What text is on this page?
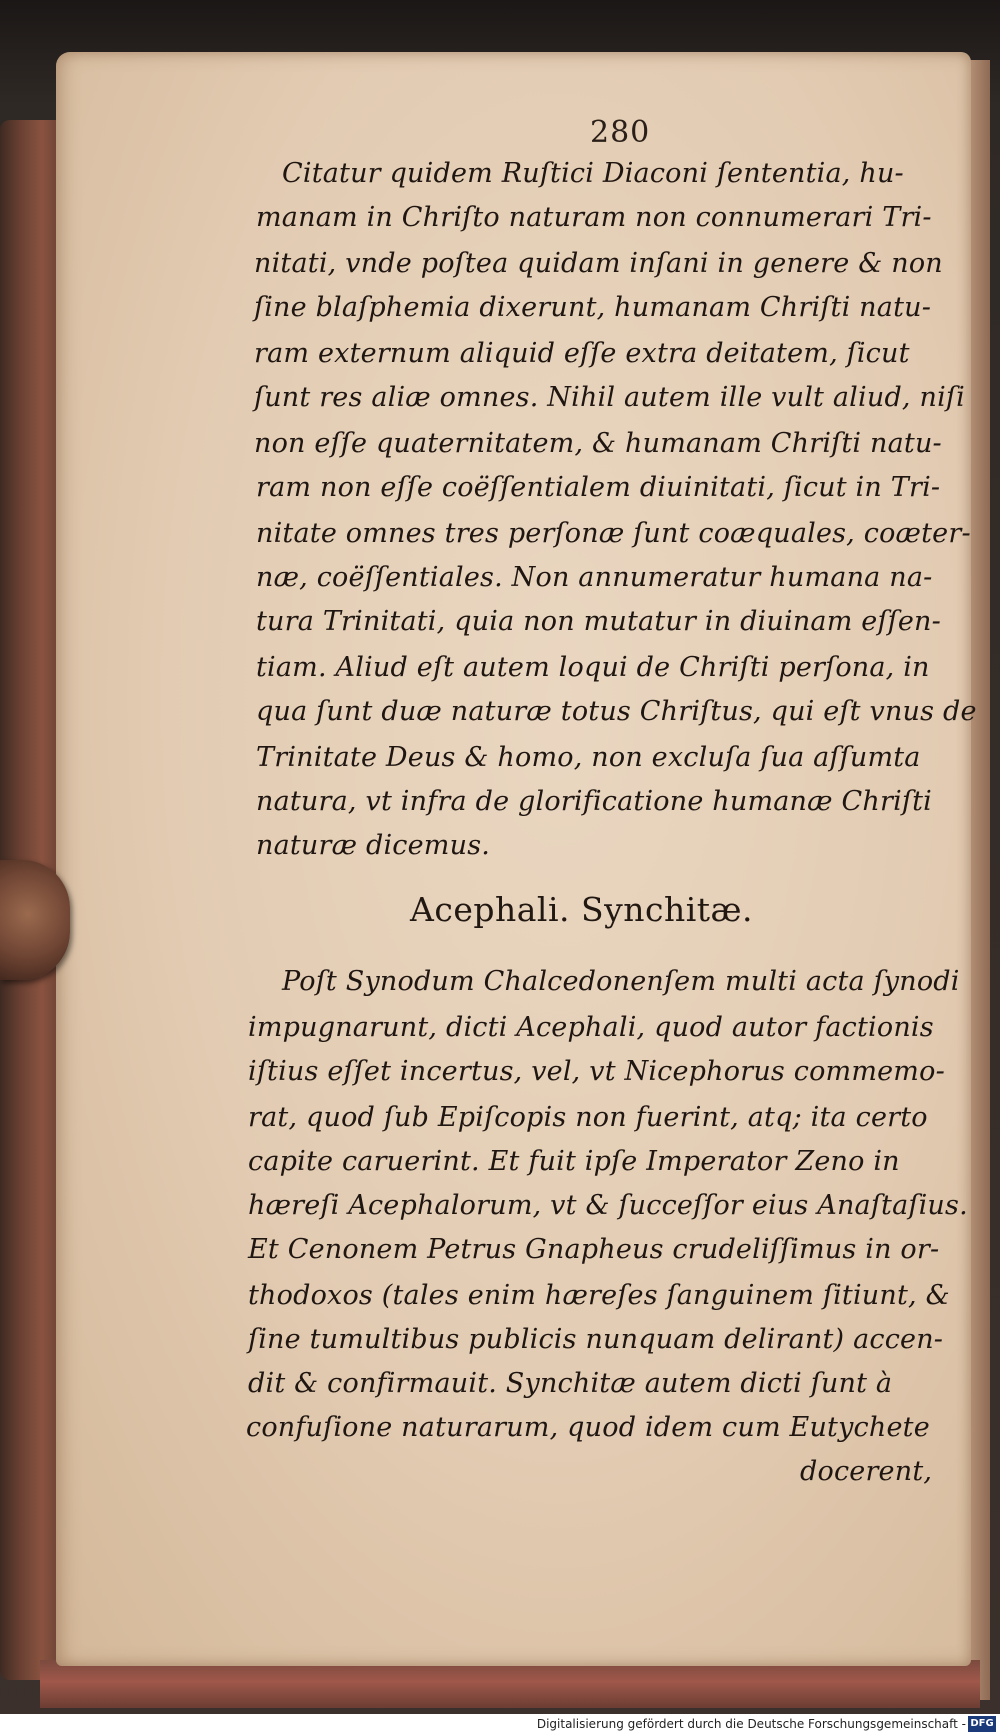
280
Citatur quidem Ruſtici Diaconi ſententia, hu-
manam in Chriſto naturam non connumerari Tri-
nitati, vnde poſtea quidam inſani in genere & non
ſine blaſphemia dixerunt, humanam Chriſti natu-
ram externum aliquid eſſe extra deitatem, ſicut
ſunt res aliæ omnes. Nihil autem ille vult aliud, niſi
non eſſe quaternitatem, & humanam Chriſti natu-
ram non eſſe coëſſentialem diuinitati, ſicut in Tri-
nitate omnes tres perſonæ ſunt coæquales, coæter-
næ, coëſſentiales. Non annumeratur humana na-
tura Trinitati, quia non mutatur in diuinam eſſen-
tiam. Aliud eſt autem loqui de Chriſti perſona, in
qua ſunt duæ naturæ totus Chriſtus, qui eſt vnus de
Trinitate Deus & homo, non excluſa ſua aſſumta
natura, vt infra de glorificatione humanæ Chriſti
naturæ dicemus.
Acephali. Synchitæ.
Poſt Synodum Chalcedonenſem multi acta ſynodi
impugnarunt, dicti Acephali, quod autor factionis
iſtius eſſet incertus, vel, vt Nicephorus commemo-
rat, quod ſub Epiſcopis non fuerint, atq; ita certo
capite caruerint. Et fuit ipſe Imperator Zeno in
hæreſi Acephalorum, vt & ſucceſſor eius Anaſtaſius.
Et Cenonem Petrus Gnapheus crudeliſſimus in or-
thodoxos (tales enim hæreſes ſanguinem ſitiunt, &
ſine tumultibus publicis nunquam delirant) accen-
dit & confirmauit. Synchitæ autem dicti ſunt à
confuſione naturarum, quod idem cum Eutychete
docerent,
Digitalisierung gefördert durch die Deutsche Forschungsgemeinschaft - DFG
